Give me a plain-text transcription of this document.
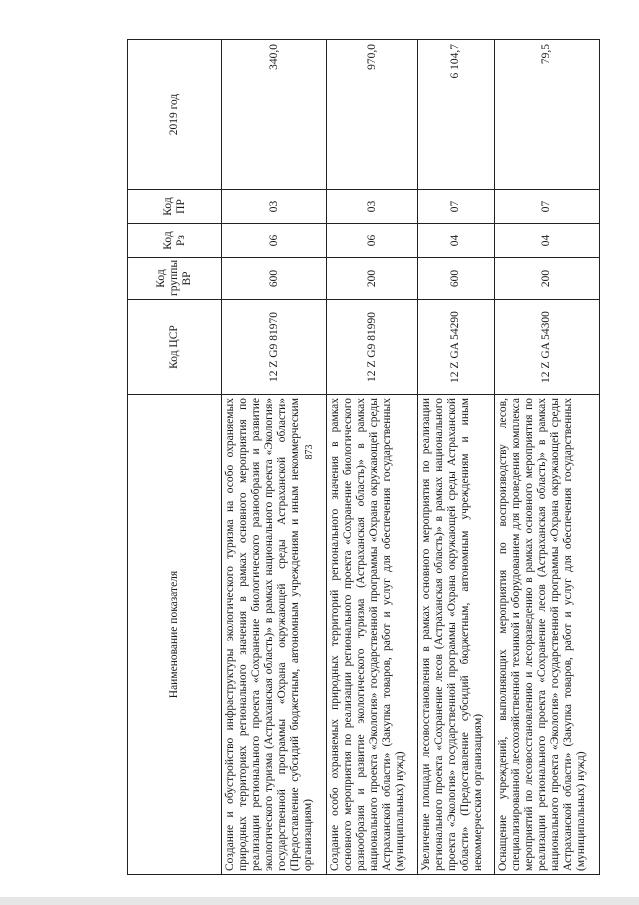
873
Наименование показателя	Код ЦСР	Код группы ВР	Код Рз	Код ПР	2019 год
Создание и обустройство инфраструктуры экологического туризма на особо охраняемых природных территориях регионального значения в рамках основного мероприятия по реализации регионального проекта «Сохранение биологического разнообразия и развитие экологического туризма (Астраханская область)» в рамках национального проекта «Экология» государственной программы «Охрана окружающей среды Астраханской области» (Предоставление субсидий бюджетным, автономным учреждениям и иным некоммерческим организациям)	12 Z G9 81970	600	06	03	340,0
Создание особо охраняемых природных территорий регионального значения в рамках основного мероприятия по реализации регионального проекта «Сохранение биологического разнообразия и развитие экологического туризма (Астраханская область)» в рамках национального проекта «Экология» государственной программы «Охрана окружающей среды Астраханской области» (Закупка товаров, работ и услуг для обеспечения государственных (муниципальных) нужд)	12 Z G9 81990	200	06	03	970,0
Увеличение площади лесовосстановления в рамках основного мероприятия по реализации регионального проекта «Сохранение лесов (Астраханская область)» в рамках национального проекта «Экология» государственной программы «Охрана окружающей среды Астраханской области» (Предоставление субсидий бюджетным, автономным учреждениям и иным некоммерческим организациям)	12 Z GA 54290	600	04	07	6 104,7
Оснащение учреждений, выполняющих мероприятия по воспроизводству лесов, специализированной лесохозяйственной техникой и оборудованием для проведения комплекса мероприятий по лесовосстановлению и лесоразведению в рамках основного мероприятия по реализации регионального проекта «Сохранение лесов (Астраханская область)» в рамках национального проекта «Экология» государственной программы «Охрана окружающей среды Астраханской области» (Закупка товаров, работ и услуг для обеспечения государственных (муниципальных) нужд)	12 Z GA 54300	200	04	07	79,5
